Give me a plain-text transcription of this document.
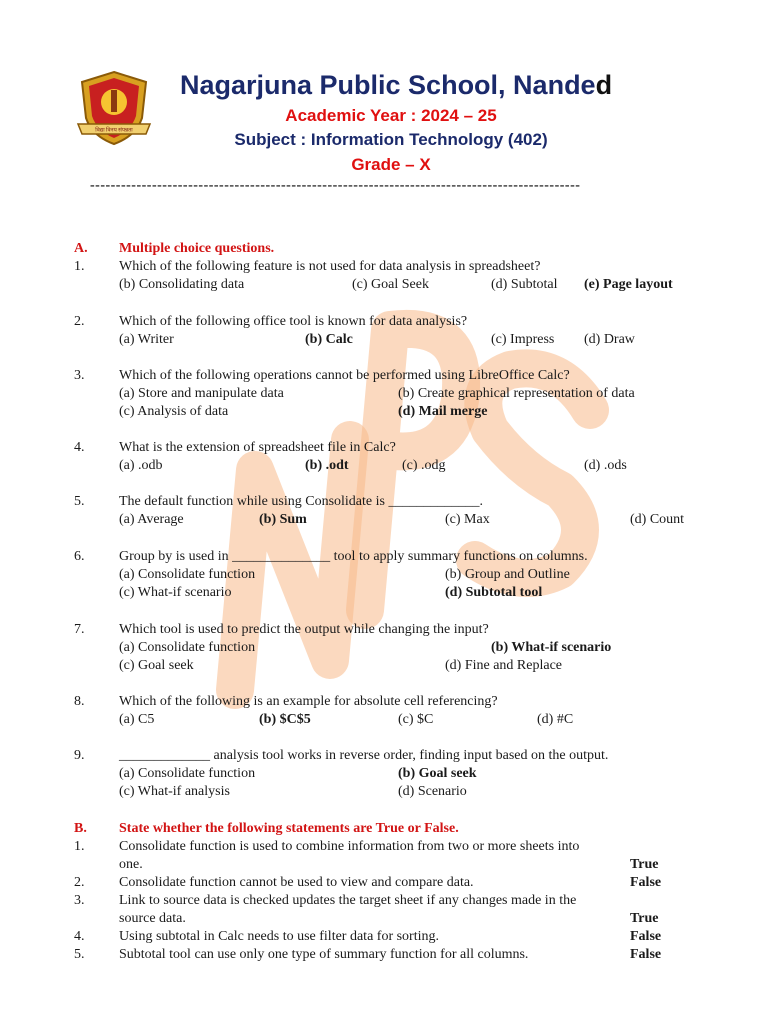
विद्या विनय संपन्नता
Nagarjuna Public School, Nanded
Academic Year : 2024 – 25
Subject : Information Technology (402)
Grade – X
-----------------------------------------------------------------------------------------------
A. Multiple choice questions.
1. Which of the following feature is not used for data analysis in spreadsheet?
(b) Consolidating data	(c) Goal Seek	(d) Subtotal (e) Page layout
2. Which of the following office tool is known for data analysis?
(a) Writer	(b) Calc	(c) Impress (d) Draw
3. Which of the following operations cannot be performed using LibreOffice Calc?
(a) Store and manipulate data	(b) Create graphical representation of data
(c) Analysis of data	(d) Mail merge
4. What is the extension of spreadsheet file in Calc?
(a) .odb	(b) .odt	(c) .odg	(d) .ods
5. The default function while using Consolidate is _____________.
(a) Average	(b) Sum	(c) Max	(d) Count
6. Group by is used in ______________ tool to apply summary functions on columns.
(a) Consolidate function	(b) Group and Outline
(c) What-if scenario	(d) Subtotal tool
7. Which tool is used to predict the output while changing the input?
(a) Consolidate function	(b) What-if scenario
(c) Goal seek	(d) Fine and Replace
8. Which of the following is an example for absolute cell referencing?
(a) C5	(b) $C$5	(c) $C	(d) #C
9. _____________ analysis tool works in reverse order, finding input based on the output.
(a) Consolidate function	(b) Goal seek
(c) What-if analysis	(d) Scenario
B. State whether the following statements are True or False.
1. Consolidate function is used to combine information from two or more sheets into
one.	True
2. Consolidate function cannot be used to view and compare data.	False
3. Link to source data is checked updates the target sheet if any changes made in the
source data.	True
4. Using subtotal in Calc needs to use filter data for sorting.	False
5. Subtotal tool can use only one type of summary function for all columns.	False
